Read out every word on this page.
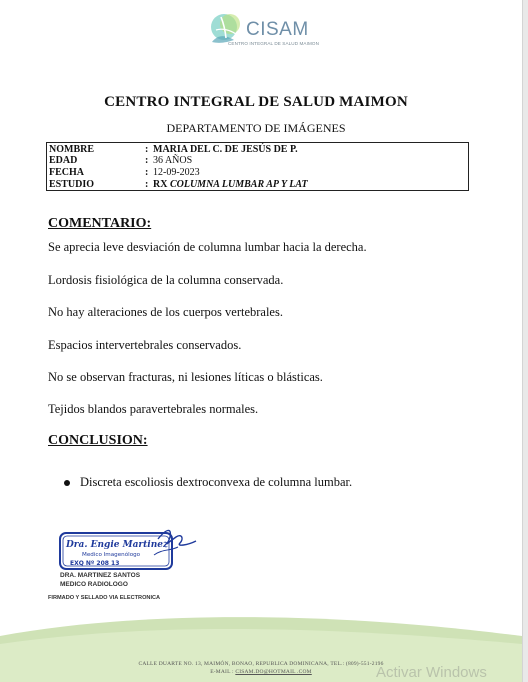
CISAM
CENTRO INTEGRAL DE SALUD MAIMON
CENTRO INTEGRAL DE SALUD MAIMON
DEPARTAMENTO DE IMÁGENES
NOMBRE	: MARIA DEL C. DE JESÚS DE P.
EDAD	: 36 AÑOS
FECHA	: 12-09-2023
ESTUDIO	: RX COLUMNA LUMBAR AP Y LAT
COMENTARIO:
Se aprecia leve desviación de columna lumbar hacia la derecha.
Lordosis fisiológica de la columna conservada.
No hay alteraciones de los cuerpos vertebrales.
Espacios intervertebrales conservados.
No se observan fracturas, ni lesiones líticas o blásticas.
Tejidos blandos paravertebrales normales.
CONCLUSION:
Discreta escoliosis dextroconvexa de columna lumbar.
Dra. Engie Martinez
Medico Imagenólogo
EXQ Nº 208 13
DRA. MARTINEZ SANTOS
MEDICO RADIOLOGO
FIRMADO Y SELLADO VIA ELECTRONICA
CALLE DUARTE NO. 13, MAIMÓN, BONAO, REPUBLICA DOMINICANA, TEL.: (809)-551-2196
E-MAIL : CISAM.DO@HOTMAIL .COM	Activar Windows
